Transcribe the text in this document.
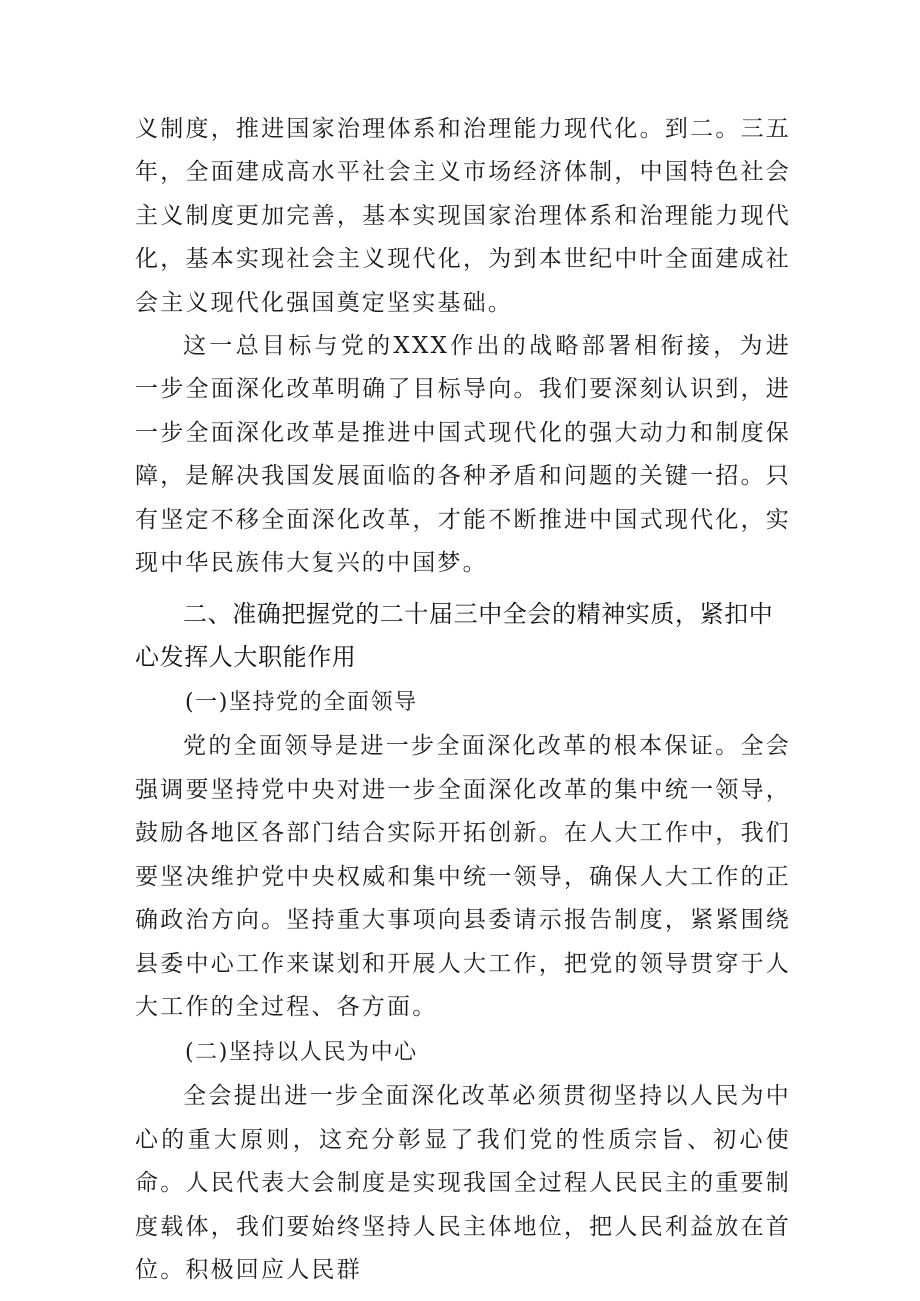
义制度，推进国家治理体系和治理能力现代化。到二。三五年，全面建成高水平社会主义市场经济体制，中国特色社会主义制度更加完善，基本实现国家治理体系和治理能力现代化，基本实现社会主义现代化，为到本世纪中叶全面建成社会主义现代化强国奠定坚实基础。

这一总目标与党的XXX作出的战略部署相衔接，为进一步全面深化改革明确了目标导向。我们要深刻认识到，进一步全面深化改革是推进中国式现代化的强大动力和制度保障，是解决我国发展面临的各种矛盾和问题的关键一招。只有坚定不移全面深化改革，才能不断推进中国式现代化，实现中华民族伟大复兴的中国梦。

二、准确把握党的二十届三中全会的精神实质，紧扣中心发挥人大职能作用
(一)坚持党的全面领导

党的全面领导是进一步全面深化改革的根本保证。全会强调要坚持党中央对进一步全面深化改革的集中统一领导，鼓励各地区各部门结合实际开拓创新。在人大工作中，我们要坚决维护党中央权威和集中统一领导，确保人大工作的正确政治方向。坚持重大事项向县委请示报告制度，紧紧围绕县委中心工作来谋划和开展人大工作，把党的领导贯穿于人大工作的全过程、各方面。

(二)坚持以人民为中心

全会提出进一步全面深化改革必须贯彻坚持以人民为中心的重大原则，这充分彰显了我们党的性质宗旨、初心使命。人民代表大会制度是实现我国全过程人民民主的重要制度载体，我们要始终坚持人民主体地位，把人民利益放在首位。积极回应人民群
